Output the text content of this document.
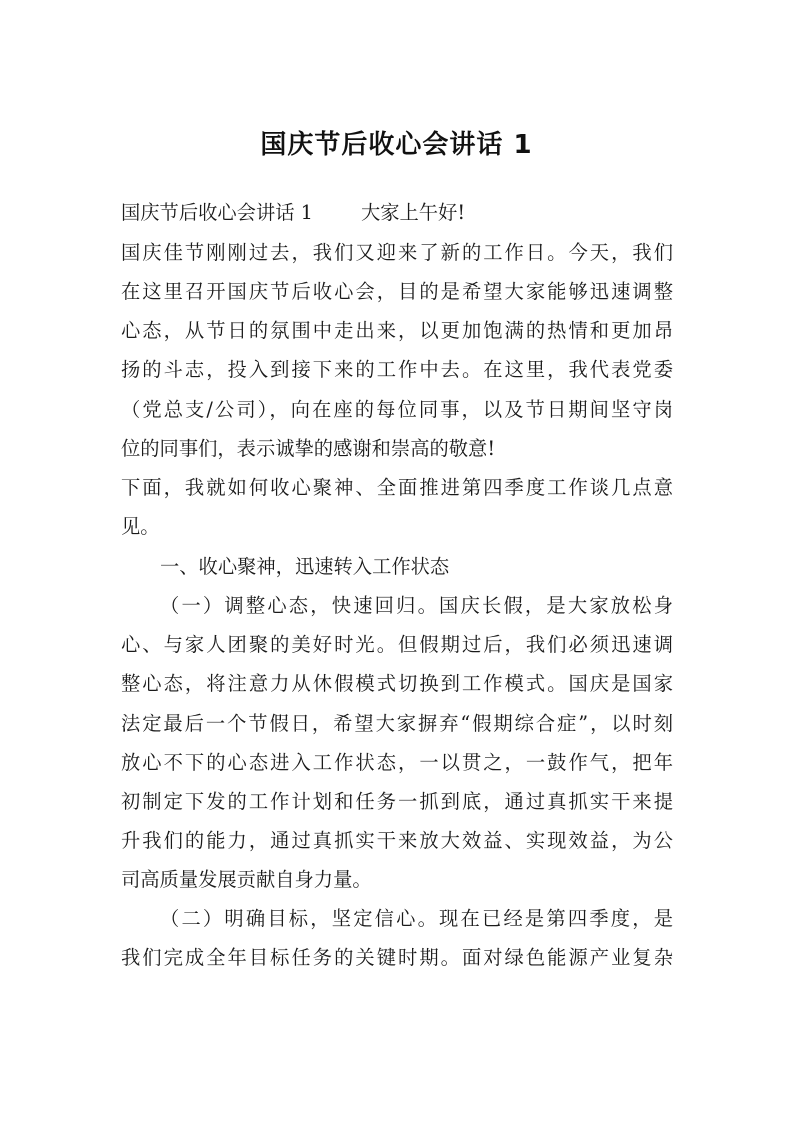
国庆节后收心会讲话 1
国庆节后收心会讲话 1 大家上午好!
国庆佳节刚刚过去，我们又迎来了新的工作日。今天，我们
在这里召开国庆节后收心会，目的是希望大家能够迅速调整
心态，从节日的氛围中走出来，以更加饱满的热情和更加昂
扬的斗志，投入到接下来的工作中去。在这里，我代表党委
（党总支/公司），向在座的每位同事，以及节日期间坚守岗
位的同事们，表示诚挚的感谢和崇高的敬意!
下面，我就如何收心聚神、全面推进第四季度工作谈几点意
见。
一、收心聚神，迅速转入工作状态
（一）调整心态，快速回归。国庆长假，是大家放松身
心、与家人团聚的美好时光。但假期过后，我们必须迅速调
整心态，将注意力从休假模式切换到工作模式。国庆是国家
法定最后一个节假日，希望大家摒弃“假期综合症”，以时刻
放心不下的心态进入工作状态，一以贯之，一鼓作气，把年
初制定下发的工作计划和任务一抓到底，通过真抓实干来提
升我们的能力，通过真抓实干来放大效益、实现效益，为公
司高质量发展贡献自身力量。
（二）明确目标，坚定信心。现在已经是第四季度，是
我们完成全年目标任务的关键时期。面对绿色能源产业复杂
